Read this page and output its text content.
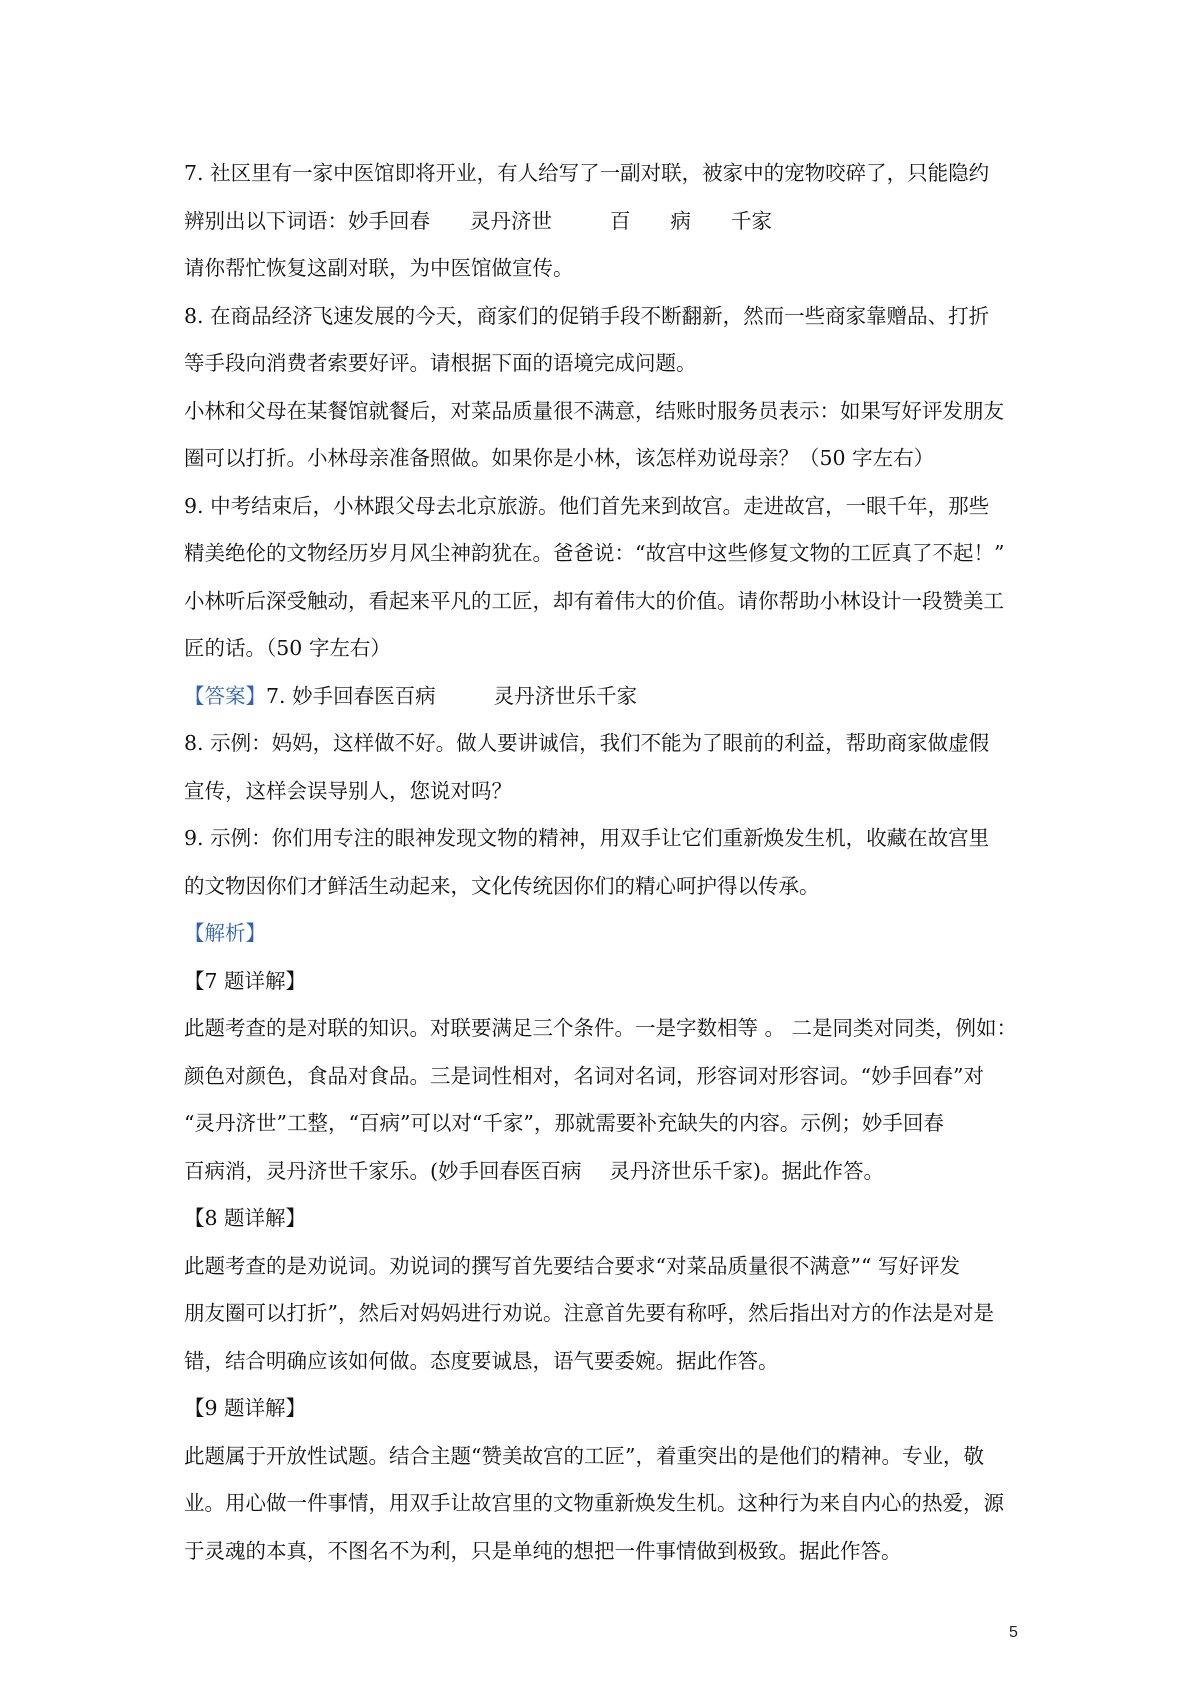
7. 社区里有一家中医馆即将开业，有人给写了一副对联，被家中的宠物咬碎了，只能隐约
辨别出以下词语：妙手回春 灵丹济世	百 病 千家
请你帮忙恢复这副对联，为中医馆做宣传。
8. 在商品经济飞速发展的今天，商家们的促销手段不断翻新，然而一些商家靠赠品、打折
等手段向消费者索要好评。请根据下面的语境完成问题。
小林和父母在某餐馆就餐后，对菜品质量很不满意，结账时服务员表示：如果写好评发朋友
圈可以打折。小林母亲准备照做。如果你是小林，该怎样劝说母亲？（50 字左右）
9. 中考结束后，小林跟父母去北京旅游。他们首先来到故宫。走进故宫，一眼千年，那些
精美绝伦的文物经历岁月风尘神韵犹在。爸爸说：“故宫中这些修复文物的工匠真了不起！”
小林听后深受触动，看起来平凡的工匠，却有着伟大的价值。请你帮助小林设计一段赞美工
匠的话。（50 字左右）
【答案】7. 妙手回春医百病	灵丹济世乐千家
8. 示例：妈妈，这样做不好。做人要讲诚信，我们不能为了眼前的利益，帮助商家做虚假
宣传，这样会误导别人，您说对吗？
9. 示例：你们用专注的眼神发现文物的精神，用双手让它们重新焕发生机，收藏在故宫里
的文物因你们才鲜活生动起来，文化传统因你们的精心呵护得以传承。
【解析】
【7 题详解】
此题考查的是对联的知识。对联要满足三个条件。一是字数相等 。 二是同类对同类，例如：
颜色对颜色，食品对食品。三是词性相对，名词对名词，形容词对形容词。“妙手回春”对
“灵丹济世”工整，“百病”可以对“千家”，那就需要补充缺失的内容。示例；妙手回春
百病消，灵丹济世千家乐。(妙手回春医百病 灵丹济世乐千家)。据此作答。
【8 题详解】
此题考查的是劝说词。劝说词的撰写首先要结合要求“对菜品质量很不满意”“ 写好评发
朋友圈可以打折”，然后对妈妈进行劝说。注意首先要有称呼，然后指出对方的作法是对是
错，结合明确应该如何做。态度要诚恳，语气要委婉。据此作答。
【9 题详解】
此题属于开放性试题。结合主题“赞美故宫的工匠”，着重突出的是他们的精神。专业，敬
业。用心做一件事情，用双手让故宫里的文物重新焕发生机。这种行为来自内心的热爱，源
于灵魂的本真，不图名不为利，只是单纯的想把一件事情做到极致。据此作答。
5
